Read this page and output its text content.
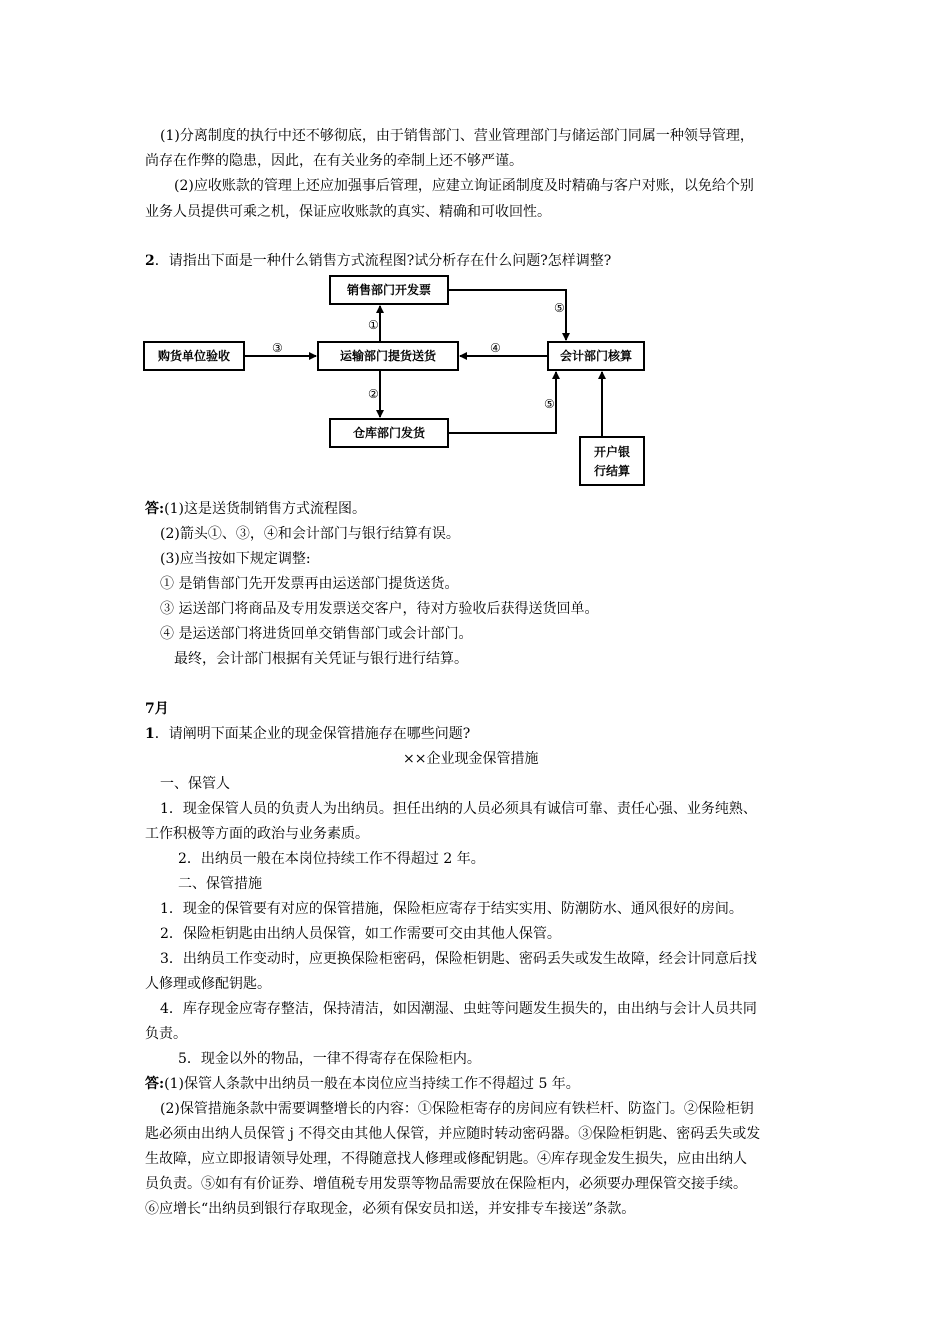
(1)分离制度的执行中还不够彻底，由于销售部门、营业管理部门与储运部门同属一种领导管理，
尚存在作弊的隐患，因此，在有关业务的牵制上还不够严谨。
(2)应收账款的管理上还应加强事后管理，应建立询证函制度及时精确与客户对账，以免给个别
业务人员提供可乘之机，保证应收账款的真实、精确和可收回性。
2．请指出下面是一种什么销售方式流程图?试分析存在什么问题?怎样调整?
销售部门开发票
购货单位验收	运输部门提货送货	会计部门核算
仓库部门发货
开户银
行结算
①
③	④
⑤
②
⑤
答:(1)这是送货制销售方式流程图。
(2)箭头①、③，④和会计部门与银行结算有误。
(3)应当按如下规定调整:
① 是销售部门先开发票再由运送部门提货送货。
③ 运送部门将商品及专用发票送交客户，待对方验收后获得送货回单。
④ 是运送部门将进货回单交销售部门或会计部门。
最终，会计部门根据有关凭证与银行进行结算。
7月
1．请阐明下面某企业的现金保管措施存在哪些问题?
××企业现金保管措施
一、保管人
1．现金保管人员的负责人为出纳员。担任出纳的人员必须具有诚信可靠、责任心强、业务纯熟、
工作积极等方面的政治与业务素质。
2．出纳员一般在本岗位持续工作不得超过 2 年。
二、保管措施
1．现金的保管要有对应的保管措施，保险柜应寄存于结实实用、防潮防水、通风很好的房间。
2．保险柜钥匙由出纳人员保管，如工作需要可交由其他人保管。
3．出纳员工作变动时，应更换保险柜密码，保险柜钥匙、密码丢失或发生故障，经会计同意后找
人修理或修配钥匙。
4．库存现金应寄存整洁，保持清洁，如因潮湿、虫蛀等问题发生损失的，由出纳与会计人员共同
负责。
5．现金以外的物品，一律不得寄存在保险柜内。
答:(1)保管人条款中出纳员一般在本岗位应当持续工作不得超过 5 年。
(2)保管措施条款中需要调整增长的内容：①保险柜寄存的房间应有铁栏杆、防盗门。②保险柜钥
匙必须由出纳人员保管 j 不得交由其他人保管，并应随时转动密码器。③保险柜钥匙、密码丢失或发
生故障，应立即报请领导处理，不得随意找人修理或修配钥匙。④库存现金发生损失，应由出纳人
员负责。⑤如有有价证券、增值税专用发票等物品需要放在保险柜内，必须要办理保管交接手续。
⑥应增长“出纳员到银行存取现金，必须有保安员扣送，并安排专车接送”条款。
